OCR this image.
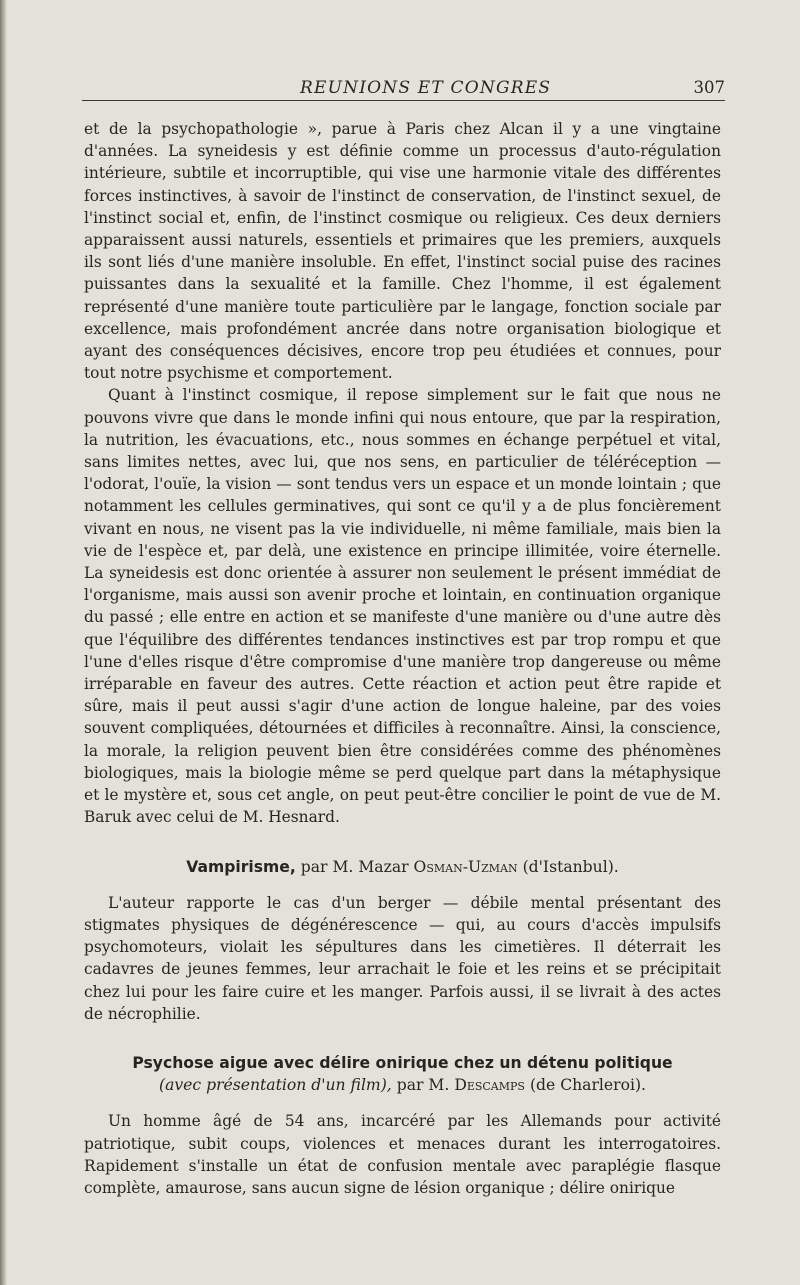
REUNIONS ET CONGRES	307

et de la psychopathologie », parue à Paris chez Alcan il y a une vingtaine d'années. La syneidesis y est définie comme un processus d'auto-régulation intérieure, subtile et incorruptible, qui vise une harmonie vitale des différentes forces instinctives, à savoir de l'instinct de conservation, de l'instinct sexuel, de l'instinct social et, enfin, de l'instinct cosmique ou religieux. Ces deux derniers apparaissent aussi naturels, essentiels et primaires que les premiers, auxquels ils sont liés d'une manière insoluble. En effet, l'instinct social puise des racines puissantes dans la sexualité et la famille. Chez l'homme, il est également représenté d'une manière toute particulière par le langage, fonction sociale par excellence, mais profondément ancrée dans notre organisation biologique et ayant des conséquences décisives, encore trop peu étudiées et connues, pour tout notre psychisme et comportement.

Quant à l'instinct cosmique, il repose simplement sur le fait que nous ne pouvons vivre que dans le monde infini qui nous entoure, que par la respiration, la nutrition, les évacuations, etc., nous sommes en échange perpétuel et vital, sans limites nettes, avec lui, que nos sens, en particulier de téléréception — l'odorat, l'ouïe, la vision — sont tendus vers un espace et un monde lointain ; que notamment les cellules germinatives, qui sont ce qu'il y a de plus foncièrement vivant en nous, ne visent pas la vie individuelle, ni même familiale, mais bien la vie de l'espèce et, par delà, une existence en principe illimitée, voire éternelle. La syneidesis est donc orientée à assurer non seulement le présent immédiat de l'organisme, mais aussi son avenir proche et lointain, en continuation organique du passé ; elle entre en action et se manifeste d'une manière ou d'une autre dès que l'équilibre des différentes tendances instinctives est par trop rompu et que l'une d'elles risque d'être compromise d'une manière trop dangereuse ou même irréparable en faveur des autres. Cette réaction et action peut être rapide et sûre, mais il peut aussi s'agir d'une action de longue haleine, par des voies souvent compliquées, détournées et difficiles à reconnaître. Ainsi, la conscience, la morale, la religion peuvent bien être considérées comme des phénomènes biologiques, mais la biologie même se perd quelque part dans la métaphysique et le mystère et, sous cet angle, on peut peut-être concilier le point de vue de M. Baruk avec celui de M. Hesnard.

Vampirisme, par M. Mazar Osman-Uzman (d'Istanbul).

L'auteur rapporte le cas d'un berger — débile mental présentant des stigmates physiques de dégénérescence — qui, au cours d'accès impulsifs psychomoteurs, violait les sépultures dans les cimetières. Il déterrait les cadavres de jeunes femmes, leur arrachait le foie et les reins et se précipitait chez lui pour les faire cuire et les manger. Parfois aussi, il se livrait à des actes de nécrophilie.

Psychose aigue avec délire onirique chez un détenu politique
(avec présentation d'un film), par M. Descamps (de Charleroi).

Un homme âgé de 54 ans, incarcéré par les Allemands pour activité patriotique, subit coups, violences et menaces durant les interrogatoires. Rapidement s'installe un état de confusion mentale avec paraplégie flasque complète, amaurose, sans aucun signe de lésion organique ; délire onirique
